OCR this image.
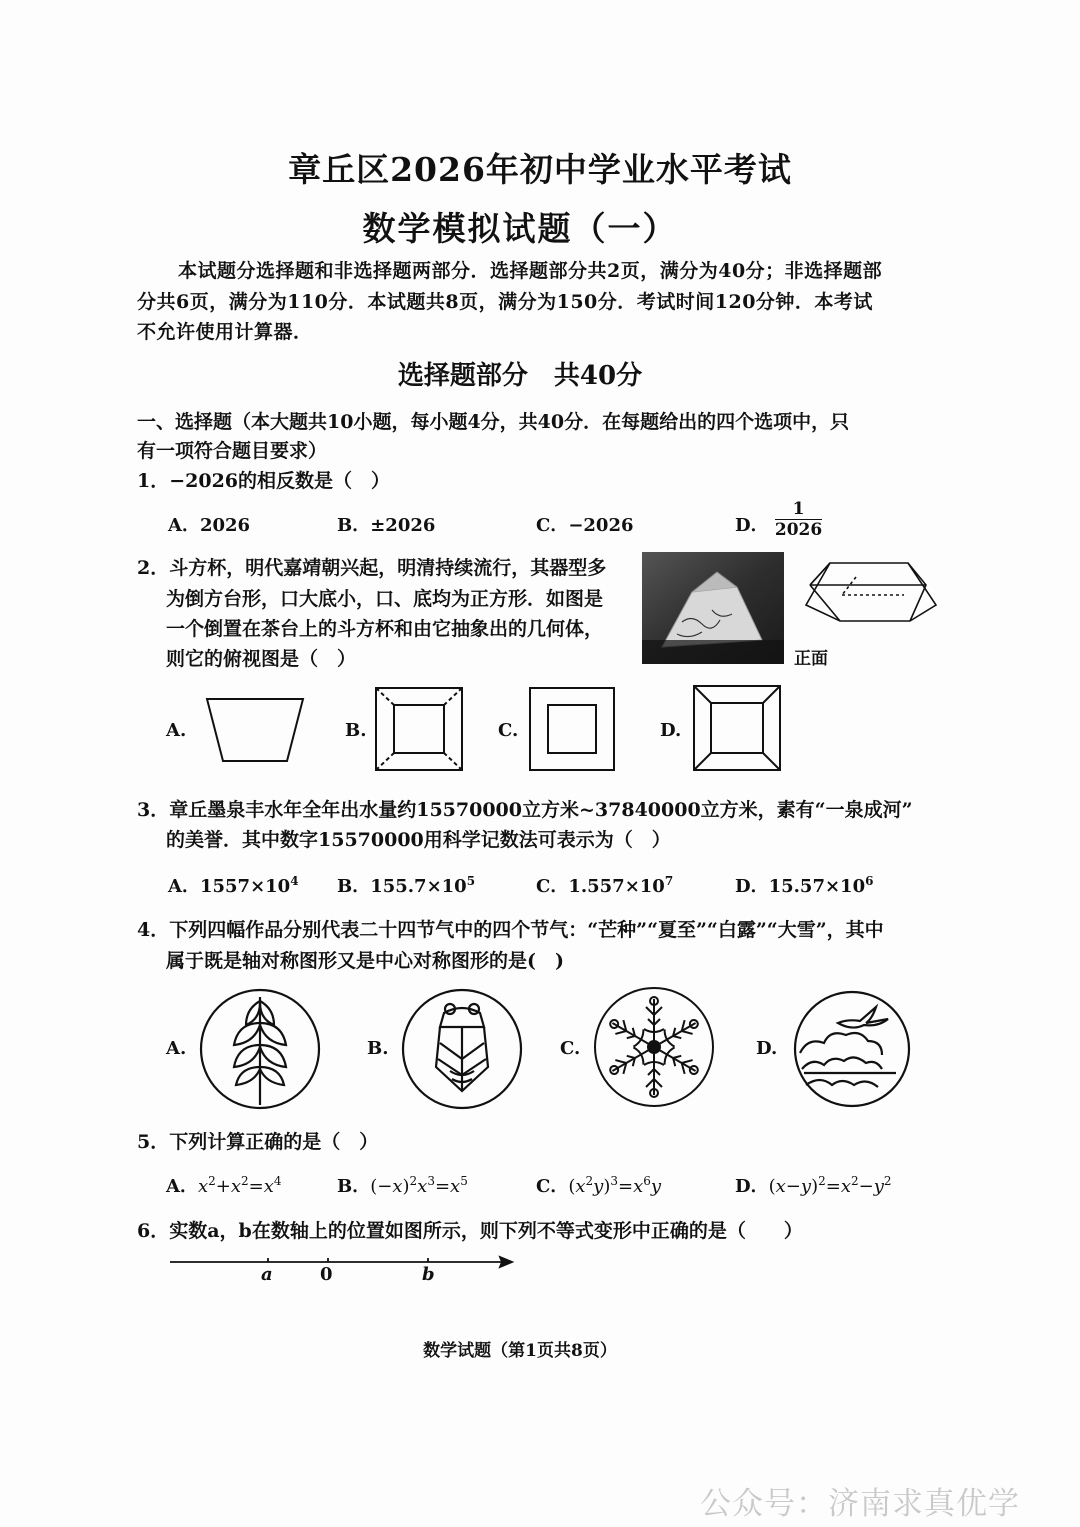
章丘区2026年初中学业水平考试
数学模拟试题（一）
本试题分选择题和非选择题两部分．选择题部分共2页，满分为40分；非选择题部
分共6页，满分为110分．本试题共8页，满分为150分．考试时间120分钟．本考试
不允许使用计算器．
选择题部分　共40分
一、选择题（本大题共10小题，每小题4分，共40分．在每题给出的四个选项中，只
有一项符合题目要求）
1．−2026的相反数是（　）
A．2026	B．±2026	C．−2026	D． $\frac{1}{2026}$
2．斗方杯，明代嘉靖朝兴起，明清持续流行，其器型多
为倒方台形，口大底小，口、底均为正方形．如图是
一个倒置在茶台上的斗方杯和由它抽象出的几何体，
则它的俯视图是（　）	正面
A.	B.	C.	D.
3．章丘墨泉丰水年全年出水量约15570000立方米~37840000立方米，素有“一泉成河”
的美誉．其中数字15570000用科学记数法可表示为（　）
A．$1557\times 10^4$ B．$155.7\times 10^5$	C．$1.557\times 10^7$	D．$15.57\times 10^6$
4．下列四幅作品分别代表二十四节气中的四个节气：“芒种”“夏至”“白露”“大雪”，其中
属于既是轴对称图形又是中心对称图形的是(　)
A.	B.	C.	D.
5．下列计算正确的是（　）
A．$x^2+x^2=x^4$	B．$(-x)^2x^3=x^5$	C．$(x^2y)^3=x^6y$	D．$(x-y)^2=x^2-y^2$
6．实数a，b在数轴上的位置如图所示，则下列不等式变形中正确的是（　　）
a	0	b
数学试题（第1页共8页）
公众号：济南求真优学
